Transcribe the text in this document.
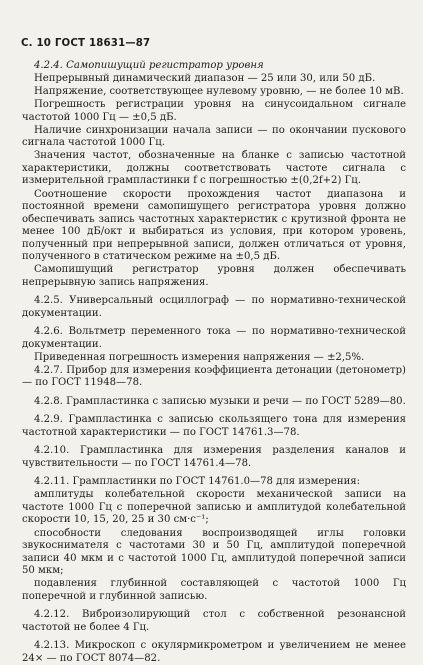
С. 10 ГОСТ 18631—87

4.2.4. Самопишущий регистратор уровня

Непрерывный динамический диапазон — 25 или 30, или 50 дБ.

Напряжение, соответствующее нулевому уровню, — не более 10 мВ.

Погрешность регистрации уровня на синусоидальном сигнале частотой 1000 Гц — ±0,5 дБ.

Наличие синхронизации начала записи — по окончании пускового сигнала частотой 1000 Гц.

Значения частот, обозначенные на бланке с записью частотной характеристики, должны соответствовать частоте сигнала с измерительной грампластинки f с погрешностью ±(0,2f+2) Гц.

Соотношение скорости прохождения частот диапазона и постоянной времени самопишущего регистратора уровня должно обеспечивать запись частотных характеристик с крутизной фронта не менее 100 дБ/окт и выбираться из условия, при котором уровень, полученный при непрерывной записи, должен отличаться от уровня, полученного в статическом режиме на ±0,5 дБ.

Самопишущий регистратор уровня должен обеспечивать непрерывную запись напряжения.

4.2.5. Универсальный осциллограф — по нормативно-технической документации.

4.2.6. Вольтметр переменного тока — по нормативно-технической документации.

Приведенная погрешность измерения напряжения — ±2,5%.

4.2.7. Прибор для измерения коэффициента детонации (детонометр) — по ГОСТ 11948—78.

4.2.8. Грампластинка с записью музыки и речи — по ГОСТ 5289—80.

4.2.9. Грампластинка с записью скользящего тона для измерения частотной характеристики — по ГОСТ 14761.3—78.

4.2.10. Грампластинка для измерения разделения каналов и чувствительности — по ГОСТ 14761.4—78.

4.2.11. Грампластинки по ГОСТ 14761.0—78 для измерения:

амплитуды колебательной скорости механической записи на частоте 1000 Гц с поперечной записью и амплитудой колебательной скорости 10, 15, 20, 25 и 30 см·с⁻¹;

способности следования воспроизводящей иглы головки звукоснимателя с частотами 30 и 50 Гц, амплитудой поперечной записи 40 мкм и с частотой 1000 Гц, амплитудой поперечной записи 50 мкм;

подавления глубинной составляющей с частотой 1000 Гц поперечной и глубинной записью.

4.2.12. Виброизолирующий стол с собственной резонансной частотой не более 4 Гц.

4.2.13. Микроскоп с окулярмикрометром и увеличением не менее 24× — по ГОСТ 8074—82.
